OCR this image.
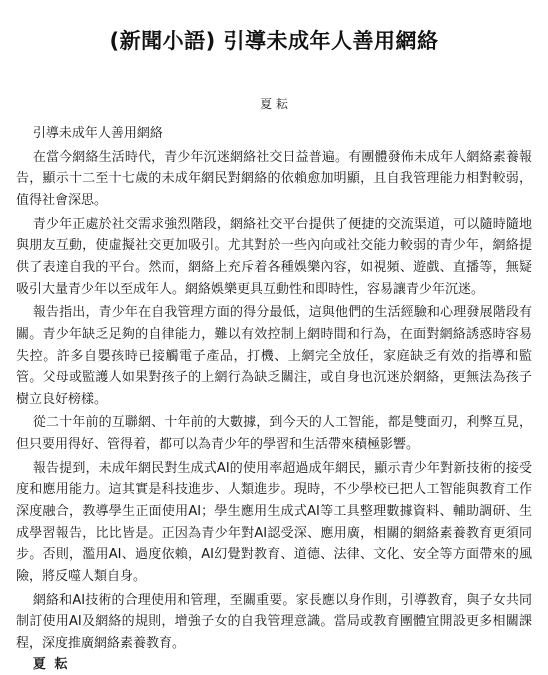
(新聞小語) 引導未成年人善用網絡
夏 耘

引導未成年人善用網絡

在當今網絡生活時代，青少年沉迷網絡社交日益普遍。有團體發佈未成年人網絡素養報告，顯示十二至十七歲的未成年網民對網絡的依賴愈加明顯，且自我管理能力相對較弱，值得社會深思。

青少年正處於社交需求強烈階段，網絡社交平台提供了便捷的交流渠道，可以隨時隨地與朋友互動，使虛擬社交更加吸引。尤其對於一些內向或社交能力較弱的青少年，網絡提供了表達自我的平台。然而，網絡上充斥着各種娛樂內容，如視頻、遊戲、直播等，無疑吸引大量青少年以至成年人。網絡娛樂更具互動性和即時性，容易讓青少年沉迷。

報告指出，青少年在自我管理方面的得分最低，這與他們的生活經驗和心理發展階段有關。青少年缺乏足夠的自律能力，難以有效控制上網時間和行為，在面對網絡誘惑時容易失控。許多自嬰孩時已接觸電子產品，打機、上網完全放任，家庭缺乏有效的指導和監管。父母或監護人如果對孩子的上網行為缺乏關注，或自身也沉迷於網絡，更無法為孩子樹立良好榜樣。

從二十年前的互聯網、十年前的大數據，到今天的人工智能，都是雙面刃，利弊互見，但只要用得好、管得着，都可以為青少年的學習和生活帶來積極影響。

報告提到，未成年網民對生成式AI的使用率超過成年網民，顯示青少年對新技術的接受度和應用能力。這其實是科技進步、人類進步。現時，不少學校已把人工智能與教育工作深度融合，教導學生正面使用AI；學生應用生成式AI等工具整理數據資料、輔助調研、生成學習報告，比比皆是。正因為青少年對AI認受深、應用廣，相關的網絡素養教育更須同步。否則，濫用AI、過度依賴，AI幻覺對教育、道德、法律、文化、安全等方面帶來的風險，將反噬人類自身。

網絡和AI技術的合理使用和管理，至關重要。家長應以身作則，引導教育，與子女共同制訂使用AI及網絡的規則，增強子女的自我管理意識。當局或教育團體宜開設更多相關課程，深度推廣網絡素養教育。

夏 耘
